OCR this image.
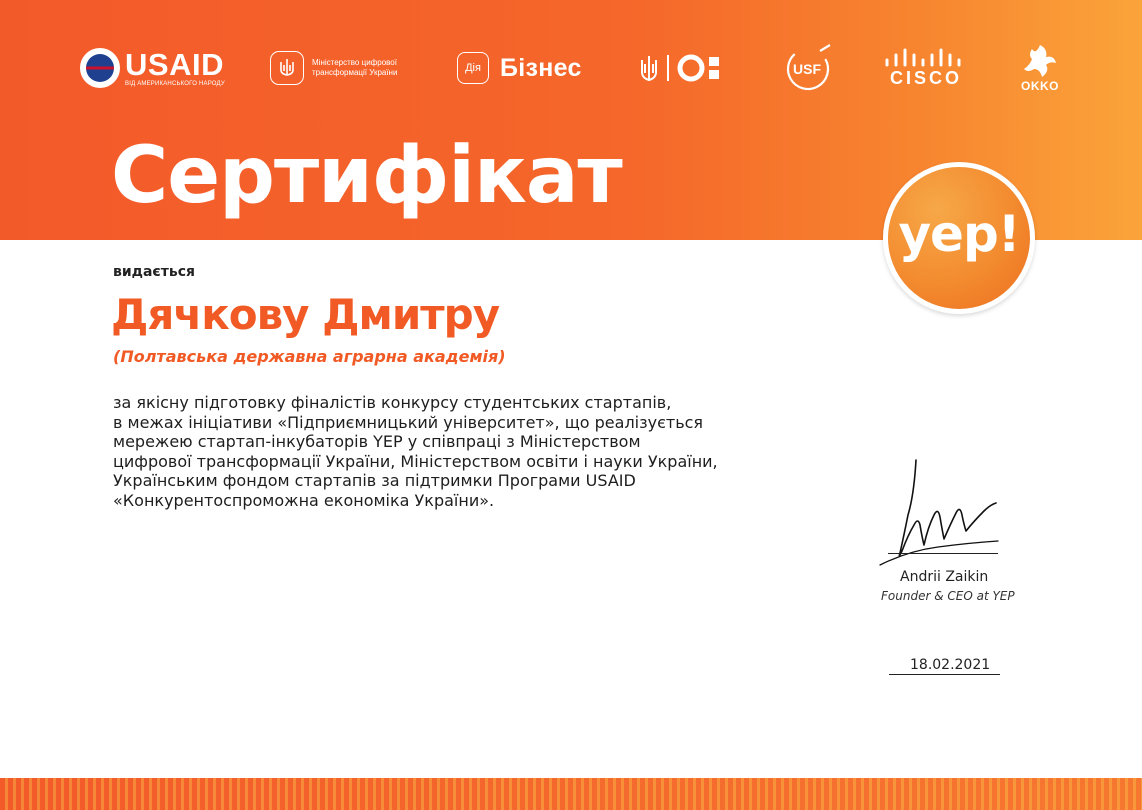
USAID
ВІД АМЕРИКАНСЬКОГО НАРОДУ
Міністерство цифрової трансформації України	Дія Бізнес	USF	CISCO	OKKO
Сертифікат
yep!
видається
Дячкову Дмитру
(Полтавська державна аграрна академія)
за якісну підготовку фіналістів конкурсу студентських стартапів,
в межах ініціативи «Підприємницький університет», що реалізується
мережею стартап-інкубаторів YEP у співпраці з Міністерством
цифрової трансформації України, Міністерством освіти і науки України,
Українським фондом стартапів за підтримки Програми USAID
«Конкурентоспроможна економіка України».
Andrii Zaikin
Founder & CEO at YEP
18.02.2021
